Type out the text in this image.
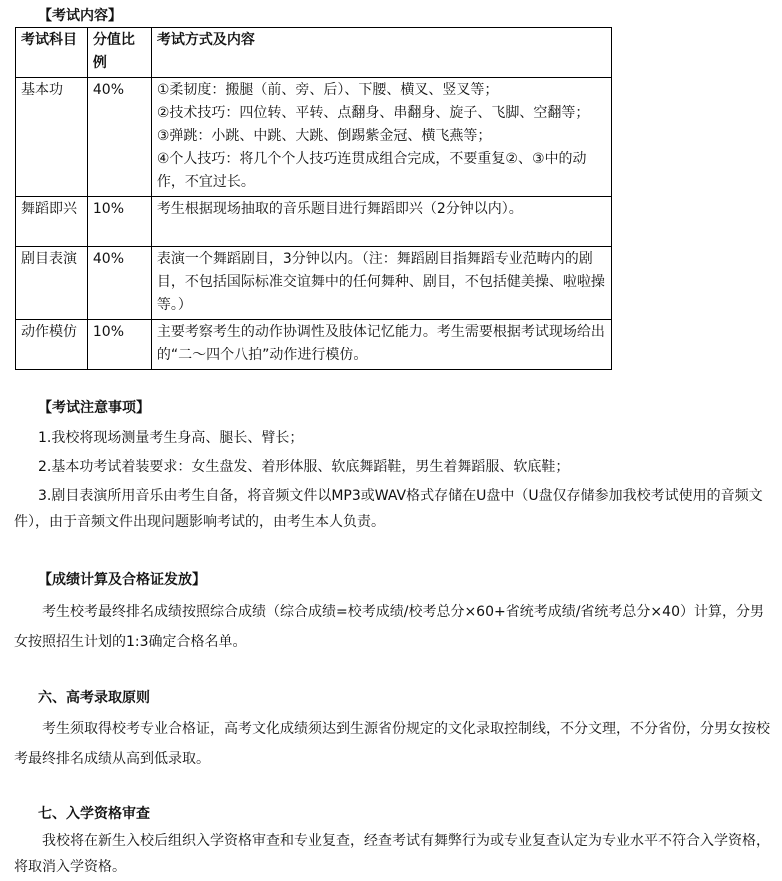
【考试内容】
考试科目	分值比例	考试方式及内容
基本功	40%	①柔韧度：搬腿（前、旁、后）、下腰、横叉、竖叉等；
②技术技巧：四位转、平转、点翻身、串翻身、旋子、飞脚、空翻等；
③弹跳：小跳、中跳、大跳、倒踢紫金冠、横飞燕等；
④个人技巧：将几个个人技巧连贯成组合完成，不要重复②、③中的动作，不宜过长。

舞蹈即兴	10%	考生根据现场抽取的音乐题目进行舞蹈即兴（2分钟以内）。

剧目表演	40%	表演一个舞蹈剧目，3分钟以内。（注：舞蹈剧目指舞蹈专业范畴内的剧目，不包括国际标准交谊舞中的任何舞种、剧目，不包括健美操、啦啦操等。）

动作模仿	10%	主要考察考生的动作协调性及肢体记忆能力。考生需要根据考试现场给出的“二～四个八拍”动作进行模仿。
【考试注意事项】
1.我校将现场测量考生身高、腿长、臂长；
2.基本功考试着装要求：女生盘发、着形体服、软底舞蹈鞋，男生着舞蹈服、软底鞋；
3.剧目表演所用音乐由考生自备，将音频文件以MP3或WAV格式存储在U盘中（U盘仅存储参加我校考试使用的音频文件），由于音频文件出现问题影响考试的，由考生本人负责。
【成绩计算及合格证发放】
考生校考最终排名成绩按照综合成绩（综合成绩=校考成绩/校考总分×60+省统考成绩/省统考总分×40）计算，分男女按照招生计划的1:3确定合格名单。
六、高考录取原则
考生须取得校考专业合格证，高考文化成绩须达到生源省份规定的文化录取控制线，不分文理，不分省份，分男女按校考最终排名成绩从高到低录取。
七、入学资格审查
我校将在新生入校后组织入学资格审查和专业复查，经查考试有舞弊行为或专业复查认定为专业水平不符合入学资格，将取消入学资格。
